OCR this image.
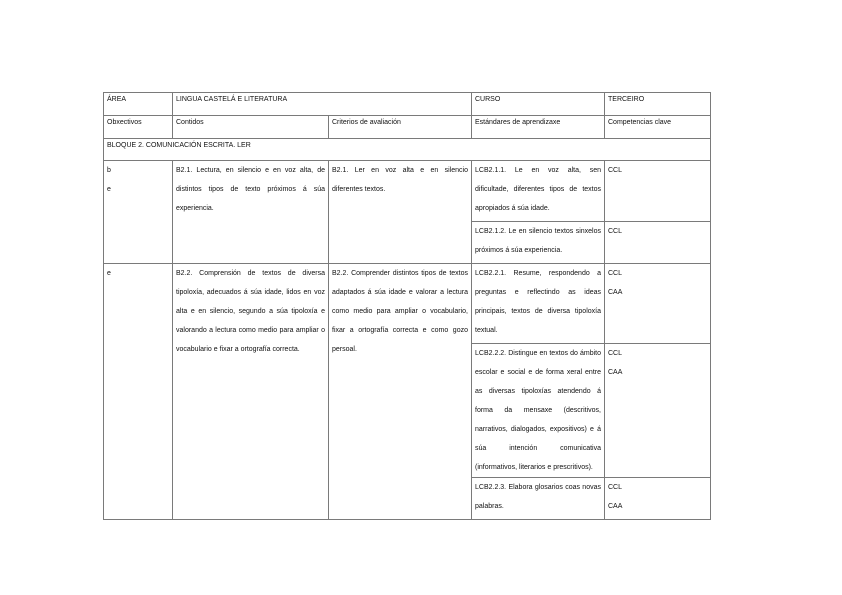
ÁREA	LINGUA CASTELÁ E LITERATURA		CURSO	TERCEIRO
Obxectivos	Contidos	Criterios de avaliación	Estándares de aprendizaxe	Competencias clave
BLOQUE 2. COMUNICACIÓN ESCRITA. LER				

b
e	B2.1. Lectura, en silencio e en voz alta, de distintos tipos de texto próximos á súa experiencia.	B2.1. Ler en voz alta e en silencio diferentes textos.	LCB2.1.1. Le en voz alta, sen dificultade, diferentes tipos de textos apropiados á súa idade.	CCL

			LCB2.1.2. Le en silencio textos sinxelos próximos á súa experiencia.	CCL

e	B2.2. Comprensión de textos de diversa tipoloxía, adecuados á súa idade, lidos en voz alta e en silencio, segundo a súa tipoloxía e valorando a lectura como medio para ampliar o vocabulario e fixar a ortografía correcta.	B2.2. Comprender distintos tipos de textos adaptados á súa idade e valorar a lectura como medio para ampliar o vocabulario, fixar a ortografía correcta e como gozo persoal.	LCB2.2.1. Resume, respondendo a preguntas e reflectindo as ideas principais, textos de diversa tipoloxía textual.	CCL
CAA

			LCB2.2.2. Distingue en textos do ámbito escolar e social e de forma xeral entre as diversas tipoloxías atendendo á forma da mensaxe (descritivos, narrativos, dialogados, expositivos) e á súa intención comunicativa (informativos, literarios e prescritivos).	CCL
CAA

			LCB2.2.3. Elabora glosarios coas novas palabras.	CCL
CAA
